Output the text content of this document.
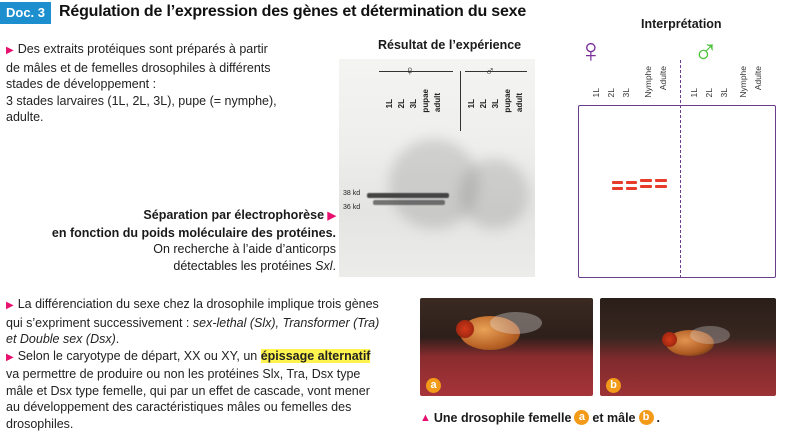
Doc. 3 Régulation de l’expression des gènes et détermination du sexe
▶ Des extraits protéiques sont préparés à partir
de mâles et de femelles drosophiles à différents
stades de développement :
3 stades larvaires (1L, 2L, 3L), pupe (= nymphe),
adulte.
Séparation par électrophorèse ▶
en fonction du poids moléculaire des protéines.
On recherche à l’aide d’anticorps
détectables les protéines Sxl.
Résultat de l’expérience
1L 2L 3L pupae adult	1L 2L 3L pupae adult
38 kd
36 kd
Interprétation
♀	♂
1L 2L 3L Nymphe Adulte
1L 2L 3L Nymphe Adulte
▶ La différenciation du sexe chez la drosophile implique trois gènes
qui s’expriment successivement : sex-lethal (Slx), Transformer (Tra)
et Double sex (Dsx).
▶ Selon le caryotype de départ, XX ou XY, un épissage alternatif
va permettre de produire ou non les protéines Slx, Tra, Dsx type
mâle et Dsx type femelle, qui par un effet de cascade, vont mener
au développement des caractéristiques mâles ou femelles des
drosophiles.
a	b
▲ Une drosophile femelle a et mâle b .
